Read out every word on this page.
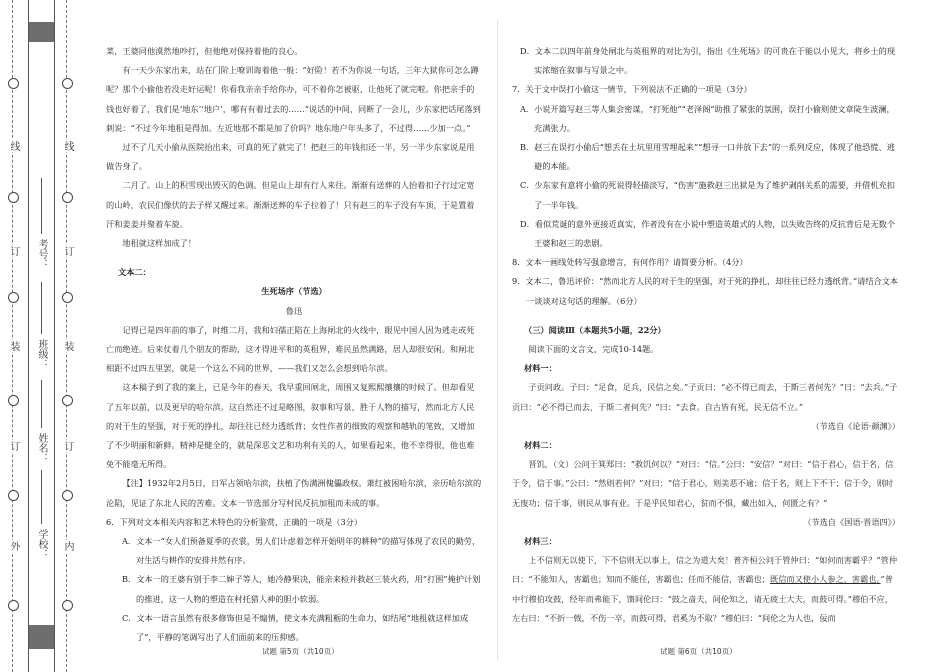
线
订
装
订
外
线
订
装
订
内
考号：
班级：
姓名：
学校：

菜，王婆同他漠然地吵打，但他绝对保持着他的良心。

有一天少东家出来，站在门阶上嘹训诲着他一般：“好险！若不为你说一句话，三年大狱你可怎么蹲呢？那个小偷他若没走好运呢！你看我亲亲手给你办，可不着你怎被驱，让他死了就完啦。你把亲手的钱也好着了，我们是‘地东’‘地户’，哪有有着过去的……”说话的中间，同断了一会儿，少东家把话尾落到刺说：“不过今年地租是得加。左近地那不都是加了价吗？地东地户年头多了，不过得……少加一点。”

过不了几天小偷从医院抬出来，可真的死了就完了！把赵三的年钱扣还一半，另一半少东家说是用做告身了。

二月了。山上的积雪现出毁灭的色调。但是山上却有行人来往。渐渐有送葬的人抬着扣子行过定宽的山岭，农民们像伏的去子样又醒过来。渐渐送葬的车子拉着了！只有赵三的车子没有车顶，于是置着汗和姜姜并聚着车旋。

地租就这样加成了！

文本二：

生死场序（节选）

鲁迅

记得已是四年前的事了，时维二月，我和妇孺正陷在上海闸北的火线中，眼见中国人因为逃走或死亡而绝迹。后来仗着几个朋友的帮助，这才得进平和的英租界，难民虽然满路，居人却很安闲。和闸北相距不过四五里罢，就是一个这么不同的世界，——我们又怎么会想到哈尔滨。

这本稿子到了我的案上，已是今年的春天，我早重回闸北，周围又复熙熙攘攘的时候了。但却看见了五年以前，以及更早的哈尔滨。这自然还不过是略图，叙事和写景，胜于人物的描写，然而北方人民的对于生的坚强，对于死的挣扎，却往往已经力透纸背；女性作者的细致的观察和越轨的笔致，又增加了不少明丽和新鲜。精神是健全的，就是深恶文艺和功利有关的人，如果看起来，他不幸得很，他也难免不能毫无所得。

【注】1932年2月5日，日军占领哈尔滨，扶植了伪满洲傀儡政权。萧红被困哈尔滨，亲历哈尔滨的沦陷，见证了东北人民的苦难。文本一节选部分写村民反抗加租而未成的事。

6．下列对文本相关内容和艺术特色的分析鉴赏，正确的一项是（3分）

A．文本一“女人们预备夏季的衣裳，男人们计虑着怎样开始明年的耕种”的描写体现了农民的勤劳，对生活与耕作的安排井然有序。

B．文本一的王婆有别于李二婶子等人，她冷静果决，能亲来检并救赵三装火药，用“打围”掩护计划的推进，这一人物的塑造在村托猎人神的胆小软弱。

C．文本一语言虽然有很多修饰但是不煽情，使文本充满粗粝的生命力，如结尾“地租就这样加成了”，平静的笔调写出了人们面前来的压抑感。

试题 第5页（共10页）

D．文本二以四年前身处闸北与英租界的对比为引，指出《生死场》的可贵在于能以小见大，将乡土的现实浓缩在叙事与写景之中。

7．关于文中误打小偷这一情节，下列说法不正确的一项是（3分）

A．小说开篇写赵三等人集会密谋，“打死他”“老泽阁”助推了紧张的氛围，误打小偷则使文章陡生波澜，充满张力。

B．赵三在误打小偷后“想丢在土坑里用雪埋起来”“想寻一口井放下去”的一系列反应，体现了他恐慌、逃避的本能。

C．少东家有意将小偷的死说得轻描淡写，“伤害”施救赵三出狱是为了维护剥削关系的需要，并借机充扣了一半年钱。

D．看似荒诞的意外更接近真实，作者没有在小说中塑造英雄式的人物，以失败告终的反抗背后是无数个王婆和赵三的悲剧。

8．文本一画线处转写强意增言，有何作用？请简要分析。（4分）

9．文本二，鲁迅评价：“然而北方人民的对于生的坚强，对于死的挣扎，却往往已经力透纸背。”请结合文本一谈谈对这句话的理解。（6分）

（三）阅读Ⅲ（本题共5小题，22分）

阅读下面的文言文，完成10-14题。

材料一：

子贡问政。子曰：“足食，足兵，民信之矣。”子贡曰：“必不得已而去，于斯三者何先？”曰：“去兵。”子贡曰：“必不得已而去，于斯二者何先？”曰：“去食。自古皆有死，民无信不立。”

（节选自《论语·颜渊》）

材料二：

晋饥，（文）公问于箕郑曰：“救饥何以？”对曰：“信。”公曰：“安信？”对曰：“信于君心，信于名，信于令，信于事。”公曰：“然则若何？”对曰：“信于君心，则美恶不逾；信于名，则上下不干；信于令，则时无废功；信于事，则民从事有业。于是乎民知君心，贫而不惧，藏出如入，何匮之有？”

（节选自《国语·晋语四》）

材料三：

上不信则无以使下，下不信则无以事上，信之为道大矣！普齐桓公问于管仲曰：“如何而害霸乎？”管仲曰：“不能知人，害霸也；知而不能任，害霸也；任而不能信，害霸也；既信而又使小人参之，害霸也。”普中行穆伯攻鼓，经年而弗能下，馈间伦曰：“鼓之啬夫，间伦知之，请无疲士大夫，而鼓可得。”穆伯不应，左右曰：“不折一戟，不伤一卒，而鼓可得，君奚为不取？”穆伯曰：“间伦之为人也，佞而

试题 第6页（共10页）
